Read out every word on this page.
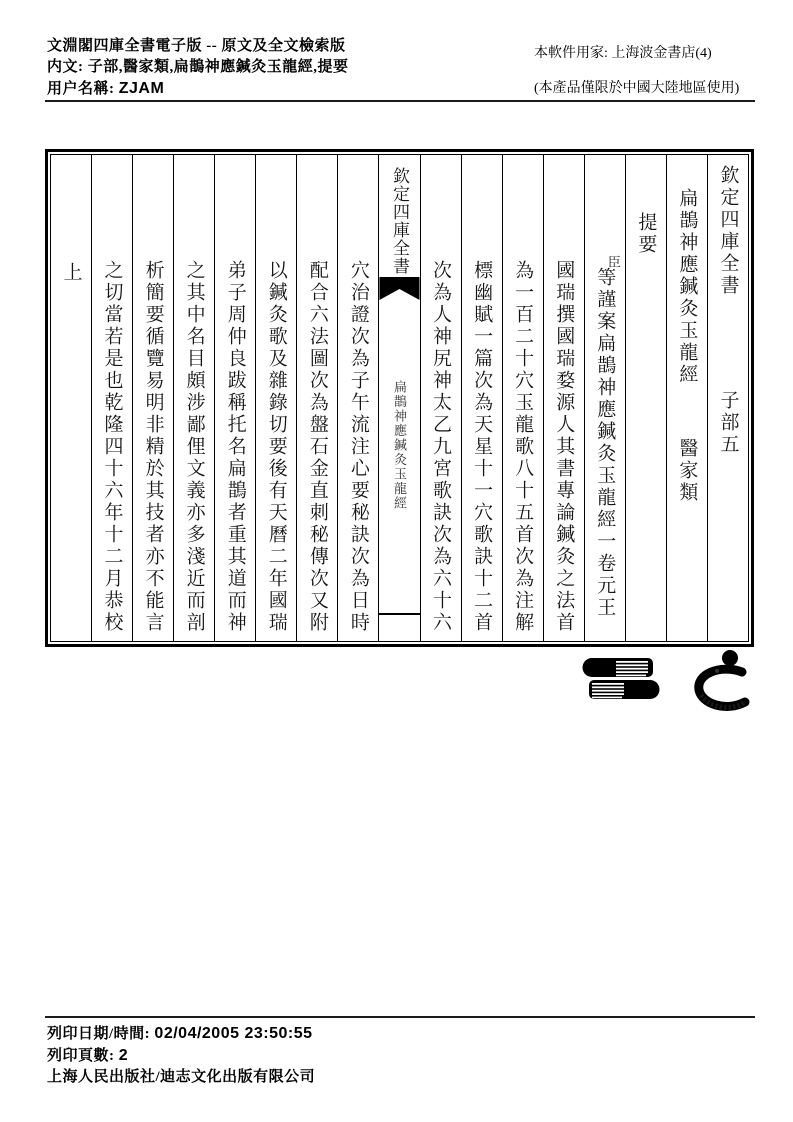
文淵閣四庫全書電子版 -- 原文及全文檢索版
内文: 子部,醫家類,扁鵲神應鍼灸玉龍經,提要
用户名稱: ZJAM
本軟件用家: 上海波金書店(4)
(本產品僅限於中國大陸地區使用)
欽定四庫全書
子部五
扁鵲神應鍼灸玉龍經
醫家類
提要
臣
等謹案扁鵲神應鍼灸玉龍經一卷元王
國瑞撰國瑞婺源人其書專論鍼灸之法首
為一百二十穴玉龍歌八十五首次為注解
標幽賦一篇次為天星十一穴歌訣十二首
次為人神尻神太乙九宮歌訣次為六十六
欽定四庫全書
扁鵲神應鍼灸玉龍經
穴治證次為子午流注心要秘訣次為日時
配合六法圖次為盤石金直刺秘傳次又附
以鍼灸歌及雜錄切要後有天曆二年國瑞
弟子周仲良跋稱托名扁鵲者重其道而神
之其中名目頗涉鄙俚文義亦多淺近而剖
析簡要循覽易明非精於其技者亦不能言
之切當若是也乾隆四十六年十二月恭校
上
列印日期/時間: 02/04/2005 23:50:55
列印頁數: 2
上海人民出版社/迪志文化出版有限公司
